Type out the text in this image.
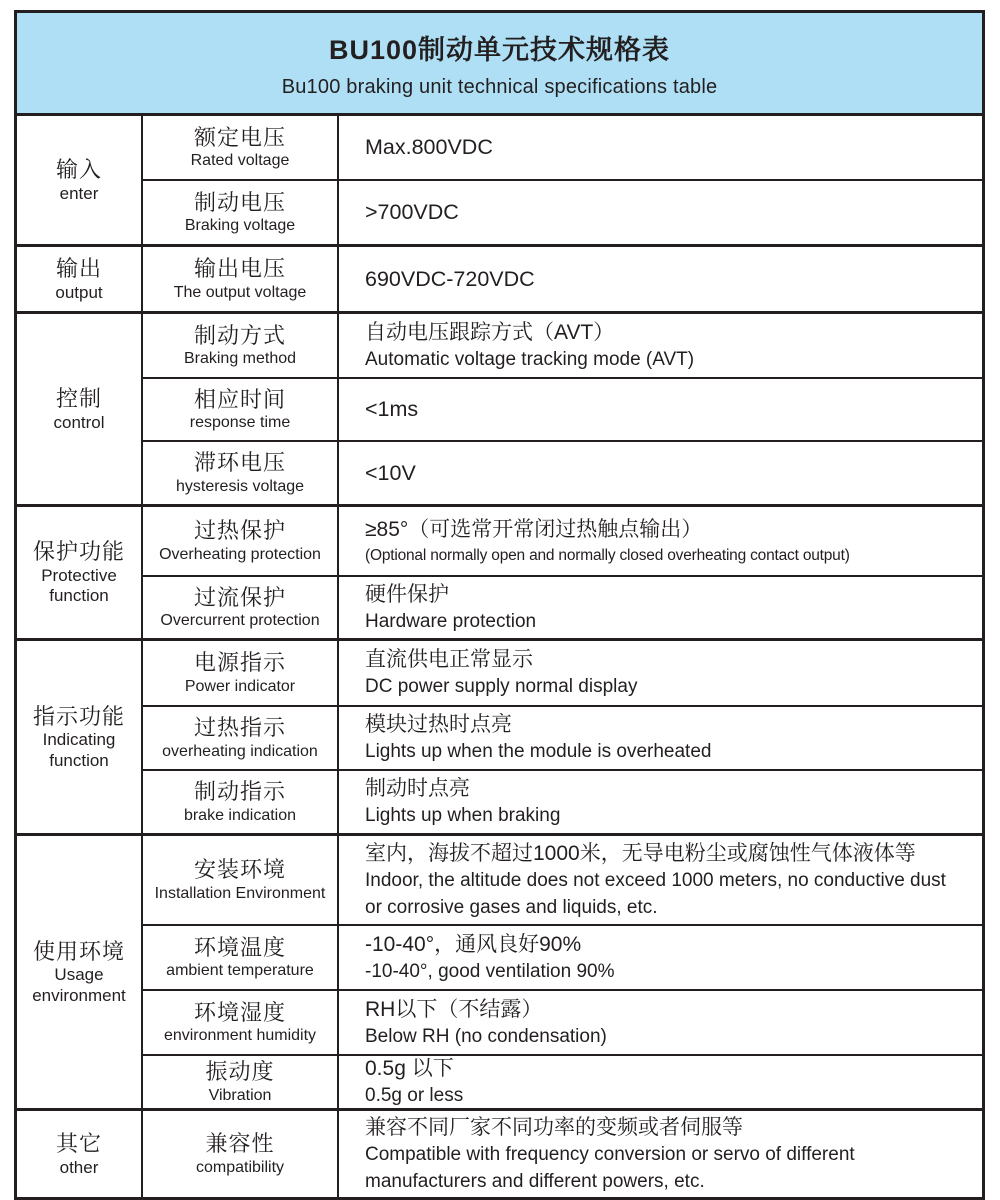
BU100制动单元技术规格表
Bu100 braking unit technical specifications table
输入
enter
额定电压
Rated voltage
Max.800VDC
制动电压
Braking voltage
>700VDC
输出
output
输出电压
The output voltage
690VDC-720VDC
控制
control
制动方式
Braking method
自动电压跟踪方式（AVT）
Automatic voltage tracking mode (AVT)
相应时间
response time
<1ms
滞环电压
hysteresis voltage
<10V
保护功能
Protective function
过热保护
Overheating protection
≥85°（可选常开常闭过热触点输出）
(Optional normally open and normally closed overheating contact output)
过流保护
Overcurrent protection
硬件保护
Hardware protection
指示功能
Indicating function
电源指示
Power indicator
直流供电正常显示
DC power supply normal display
过热指示
overheating indication
模块过热时点亮
Lights up when the module is overheated
制动指示
brake indication
制动时点亮
Lights up when braking
使用环境
Usage environment
安装环境
Installation Environment
室内，海拔不超过1000米，无导电粉尘或腐蚀性气体液体等
Indoor, the altitude does not exceed 1000 meters, no conductive dust or corrosive gases and liquids, etc.
环境温度
ambient temperature
-10-40°，通风良好90%
-10-40°, good ventilation 90%
环境湿度
environment humidity
RH以下（不结露）
Below RH (no condensation)
振动度
Vibration
0.5g 以下
0.5g or less
其它
other
兼容性
compatibility
兼容不同厂家不同功率的变频或者伺服等
Compatible with frequency conversion or servo of different manufacturers and different powers, etc.
